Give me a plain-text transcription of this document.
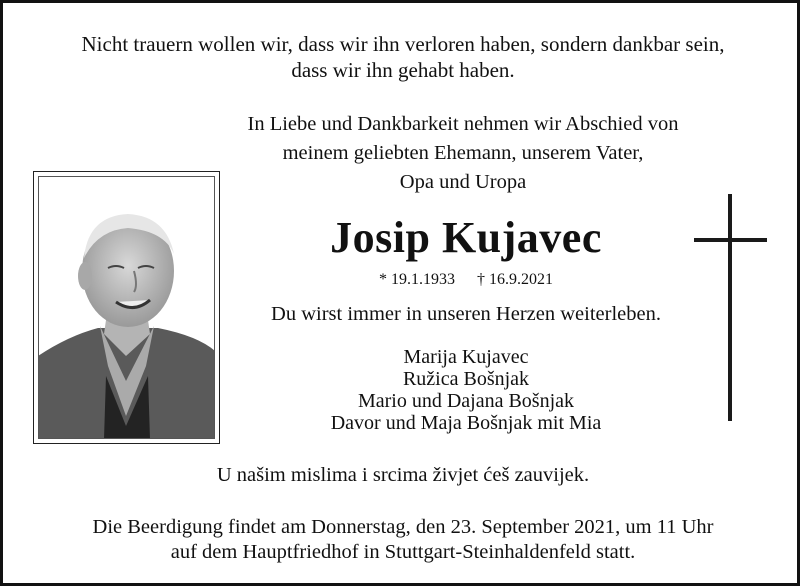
Nicht trauern wollen wir, dass wir ihn verloren haben, sondern dankbar sein,
dass wir ihn gehabt haben.
In Liebe und Dankbarkeit nehmen wir Abschied von
meinem geliebten Ehemann, unserem Vater,
Opa und Uropa
Josip Kujavec
* 19.1.1933 † 16.9.2021
Du wirst immer in unseren Herzen weiterleben.
Marija Kujavec
Ružica Bošnjak
Mario und Dajana Bošnjak
Davor und Maja Bošnjak mit Mia
U našim mislima i srcima živjet ćeš zauvijek.
Die Beerdigung findet am Donnerstag, den 23. September 2021, um 11 Uhr
auf dem Hauptfriedhof in Stuttgart-Steinhaldenfeld statt.
